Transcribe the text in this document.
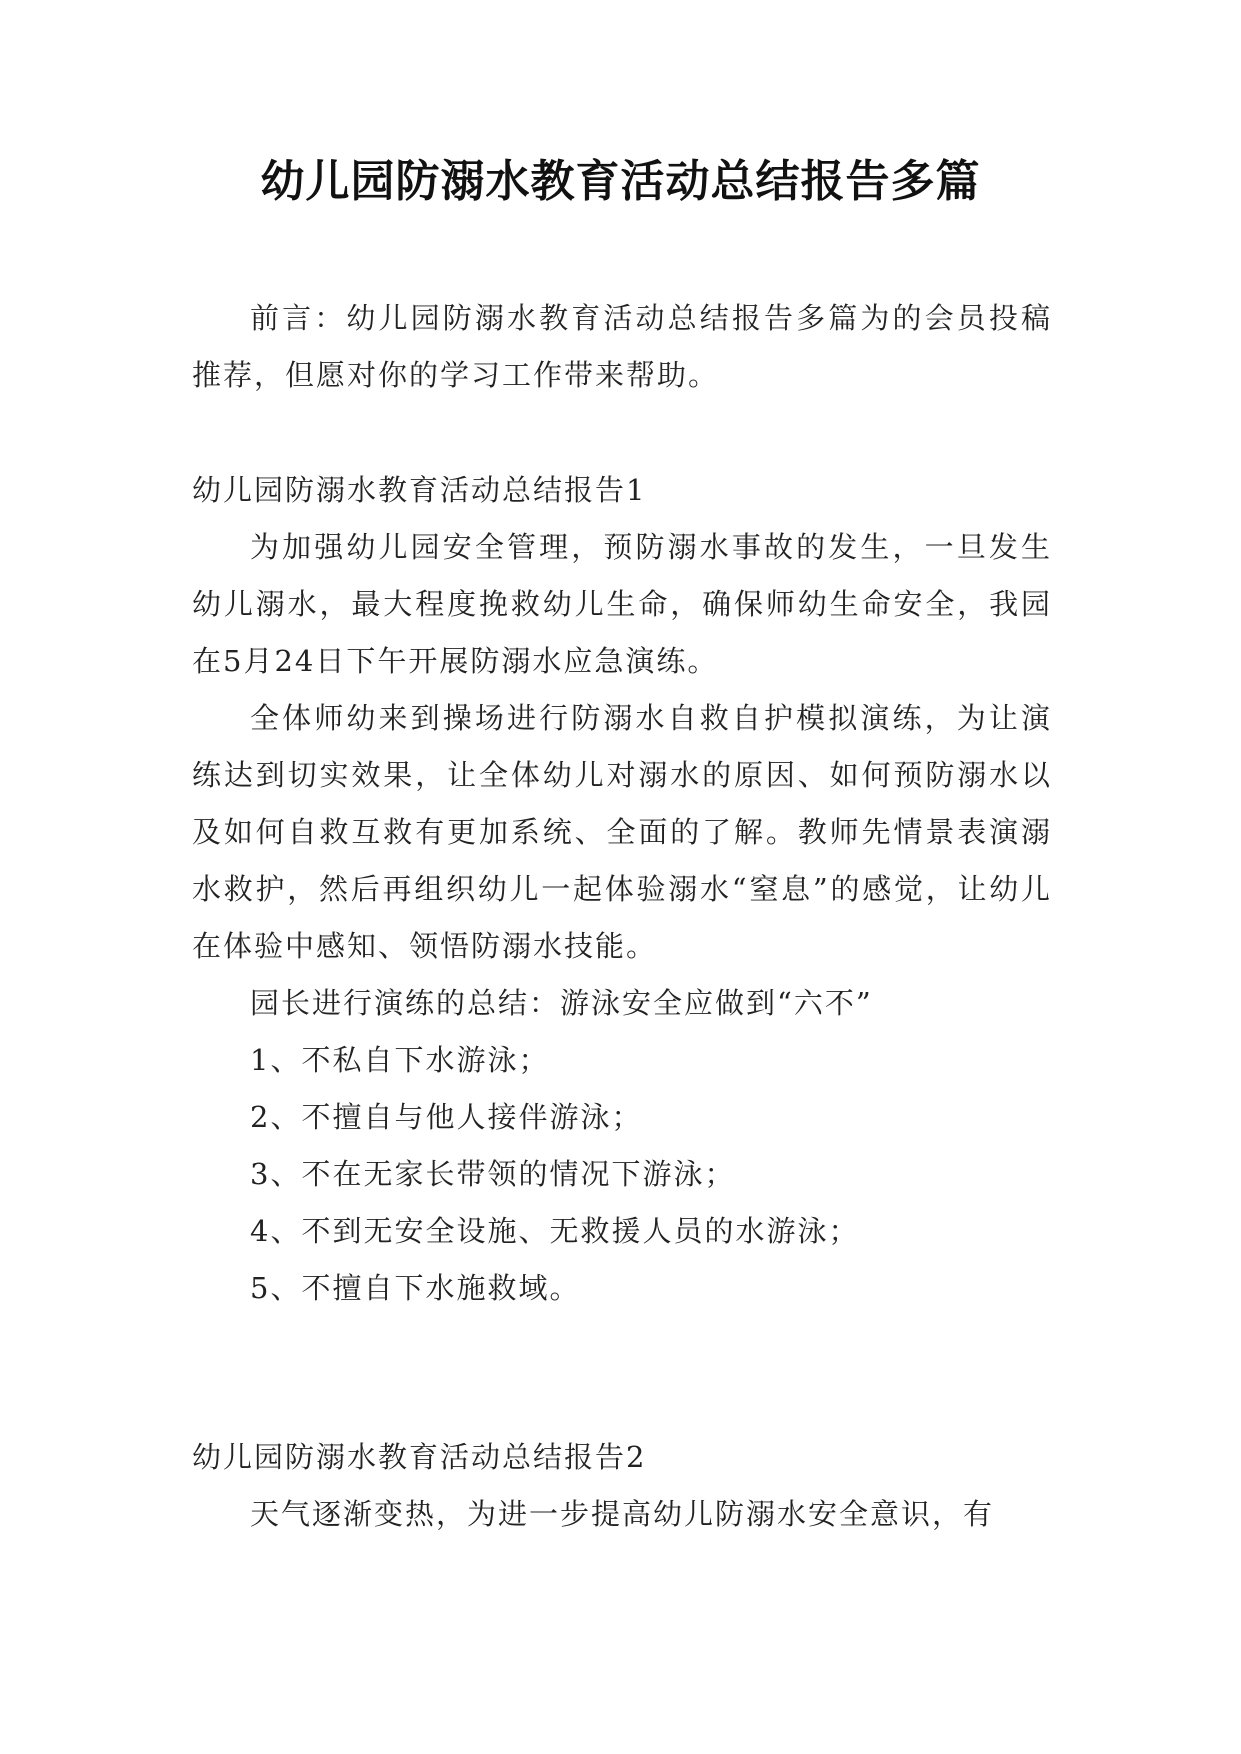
幼儿园防溺水教育活动总结报告多篇

前言：幼儿园防溺水教育活动总结报告多篇为的会员投稿推荐，但愿对你的学习工作带来帮助。

幼儿园防溺水教育活动总结报告1

为加强幼儿园安全管理，预防溺水事故的发生，一旦发生幼儿溺水，最大程度挽救幼儿生命，确保师幼生命安全，我园在5月24日下午开展防溺水应急演练。

全体师幼来到操场进行防溺水自救自护模拟演练，为让演练达到切实效果，让全体幼儿对溺水的原因、如何预防溺水以及如何自救互救有更加系统、全面的了解。教师先情景表演溺水救护，然后再组织幼儿一起体验溺水“窒息”的感觉，让幼儿在体验中感知、领悟防溺水技能。

园长进行演练的总结：游泳安全应做到“六不”

1、不私自下水游泳；

2、不擅自与他人接伴游泳；

3、不在无家长带领的情况下游泳；

4、不到无安全设施、无救援人员的水游泳；

5、不擅自下水施救域。

幼儿园防溺水教育活动总结报告2

天气逐渐变热，为进一步提高幼儿防溺水安全意识，有
